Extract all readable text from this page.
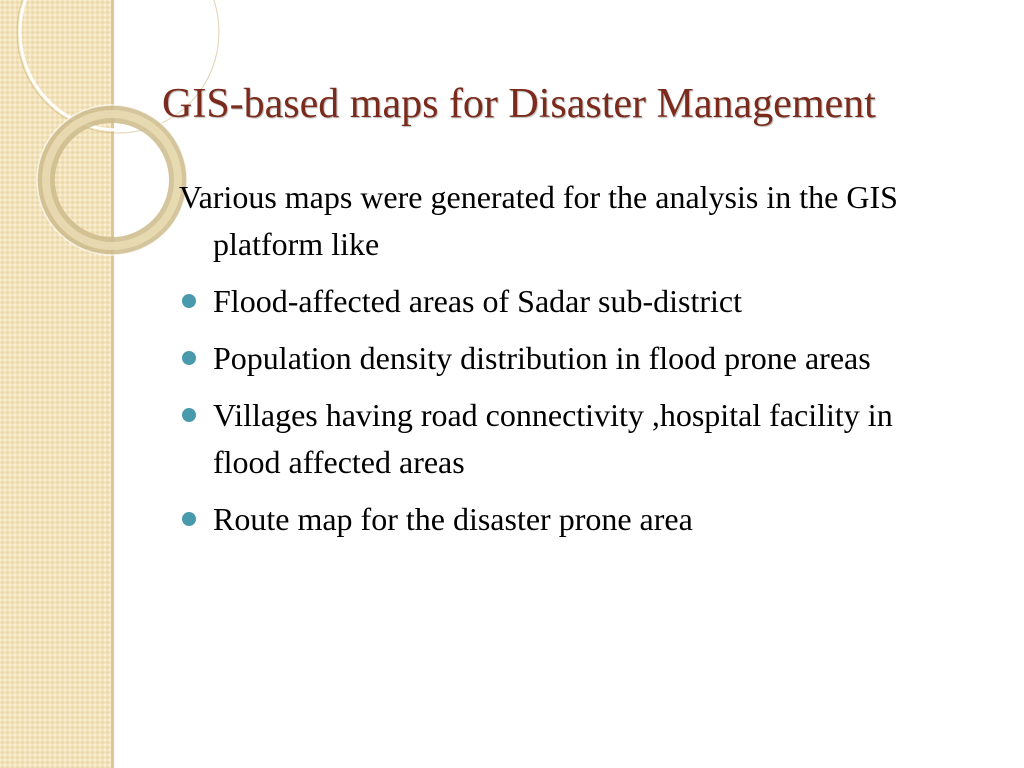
GIS-based maps for Disaster Management

Various maps were generated for the analysis in the GIS platform like

Flood-affected areas of Sadar sub-district
Population density distribution in flood prone areas
Villages having road connectivity ,hospital facility in flood affected areas
Route map for the disaster prone area
